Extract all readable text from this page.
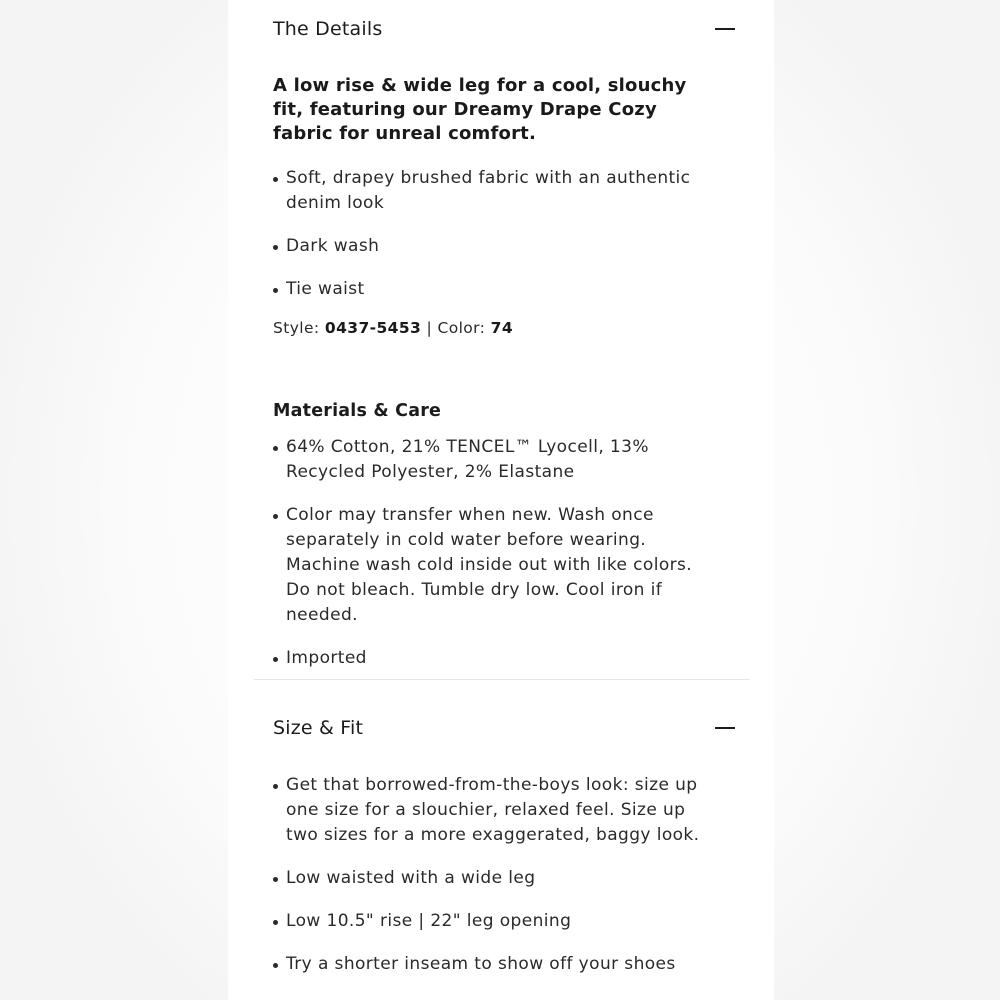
The Details
A low rise & wide leg for a cool, slouchy fit, featuring our Dreamy Drape Cozy fabric for unreal comfort.
Soft, drapey brushed fabric with an authentic denim look
Dark wash
Tie waist
Style: 0437-5453 | Color: 74
Materials & Care
64% Cotton, 21% TENCEL™ Lyocell, 13% Recycled Polyester, 2% Elastane
Color may transfer when new. Wash once separately in cold water before wearing. Machine wash cold inside out with like colors. Do not bleach. Tumble dry low. Cool iron if needed.
Imported
Size & Fit
Get that borrowed-from-the-boys look: size up one size for a slouchier, relaxed feel. Size up two sizes for a more exaggerated, baggy look.
Low waisted with a wide leg
Low 10.5" rise | 22" leg opening
Try a shorter inseam to show off your shoes
